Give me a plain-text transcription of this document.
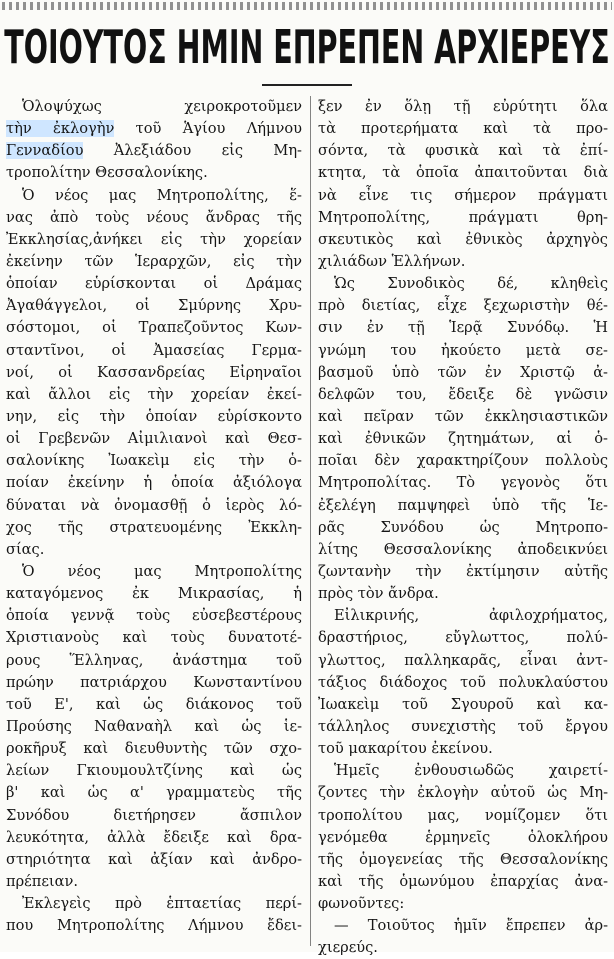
ΤΟΙΟΥΤΟΣ ΗΜΙΝ ΕΠΡΕΠΕΝ ΑΡΧΙΕΡΕΥΣ
Ὁλοψύχως χειροκροτοῦμεν
τὴν ἐκλογὴν τοῦ Ἁγίου Λήμνου
Γενναδίου Ἀλεξιάδου εἰς Μη-
τροπολίτην Θεσσαλονίκης.
Ὁ νέος μας Μητροπολίτης, ἕ-
νας ἀπὸ τοὺς νέους ἄνδρας τῆς
Ἐκκλησίας,ἀνήκει εἰς τὴν χορείαν
ἐκείνην τῶν Ἱεραρχῶν, εἰς τὴν
ὁποίαν εὑρίσκονται οἱ Δράμας
Ἀγαθάγγελοι, οἱ Σμύρνης Χρυ-
σόστομοι, οἱ Τραπεζοῦντος Κων-
σταντῖνοι, οἱ Ἀμασείας Γερμα-
νοί, οἱ Κασσανδρείας Εἰρηναῖοι
καὶ ἄλλοι εἰς τὴν χορείαν ἐκεί-
νην, εἰς τὴν ὁποίαν εὑρίσκοντο
οἱ Γρεβενῶν Αἰμιλιανοὶ καὶ Θεσ-
σαλονίκης Ἰωακεὶμ εἰς τὴν ὁ-
ποίαν ἐκείνην ἡ ὁποία ἀξιόλογα
δύναται νὰ ὀνομασθῇ ὁ ἱερὸς λό-
χος τῆς στρατευομένης Ἐκκλη-
σίας.
Ὁ νέος μας Μητροπολίτης
καταγόμενος ἐκ Μικρασίας, ἡ
ὁποία γεννᾷ τοὺς εὐσεβεστέρους
Χριστιανοὺς καὶ τοὺς δυνατοτέ-
ρους Ἕλληνας, ἀνάστημα τοῦ
πρώην πατριάρχου Κωνσταντίνου
τοῦ Ε', καὶ ὡς διάκονος τοῦ
Προύσης Ναθαναὴλ καὶ ὡς ἱε-
ροκῆρυξ καὶ διευθυντὴς τῶν σχο-
λείων Γκιουμουλτζίνης καὶ ὡς
β' καὶ ὡς α' γραμματεὺς τῆς
Συνόδου διετήρησεν ἄσπιλον
λευκότητα, ἀλλὰ ἔδειξε καὶ δρα-
στηριότητα καὶ ἀξίαν καὶ ἀνδρο-
πρέπειαν.
Ἐκλεγεὶς πρὸ ἑπταετίας περί-
που Μητροπολίτης Λήμνου ἔδει-
ξεν ἐν ὅλῃ τῇ εὐρύτητι ὅλα
τὰ προτερήματα καὶ τὰ προ-
σόντα, τὰ φυσικὰ καὶ τὰ ἐπί-
κτητα, τὰ ὁποῖα ἀπαιτοῦνται διὰ
νὰ εἶνε τις σήμερον πράγματι
Μητροπολίτης, πράγματι θρη-
σκευτικὸς καὶ ἐθνικὸς ἀρχηγὸς
χιλιάδων Ἑλλήνων.
Ὡς Συνοδικὸς δέ, κληθεὶς
πρὸ διετίας, εἶχε ξεχωριστὴν θέ-
σιν ἐν τῇ Ἱερᾷ Συνόδῳ. Ἡ
γνώμη του ἠκούετο μετὰ σε-
βασμοῦ ὑπὸ τῶν ἐν Χριστῷ ἀ-
δελφῶν του, ἔδειξε δὲ γνῶσιν
καὶ πεῖραν τῶν ἐκκλησιαστικῶν
καὶ ἐθνικῶν ζητημάτων, αἱ ὁ-
ποῖαι δὲν χαρακτηρίζουν πολλοὺς
Μητροπολίτας. Τὸ γεγονὸς ὅτι
ἐξελέγη παμψηφεὶ ὑπὸ τῆς Ἱε-
ρᾶς Συνόδου ὡς Μητροπο-
λίτης Θεσσαλονίκης ἀποδεικνύει
ζωντανὴν τὴν ἐκτίμησιν αὐτῆς
πρὸς τὸν ἄνδρα.
Εἰλικρινής, ἀφιλοχρήματος,
δραστήριος, εὔγλωττος, πολύ-
γλωττος, παλληκαρᾶς, εἶναι ἀντ-
τάξιος διάδοχος τοῦ πολυκλαύστου
Ἰωακεὶμ τοῦ Σγουροῦ καὶ κα-
τάλληλος συνεχιστὴς τοῦ ἔργου
τοῦ μακαρίτου ἐκείνου.
Ἡμεῖς ἐνθουσιωδῶς χαιρετί-
ζοντες τὴν ἐκλογὴν αὐτοῦ ὡς Μη-
τροπολίτου μας, νομίζομεν ὅτι
γενόμεθα ἑρμηνεῖς ὁλοκλήρου
τῆς ὁμογενείας τῆς Θεσσαλονίκης
καὶ τῆς ὁμωνύμου ἐπαρχίας ἀνα-
φωνοῦντες:
— Τοιοῦτος ἡμῖν ἔπρεπεν ἀρ-
χιερεύς.
